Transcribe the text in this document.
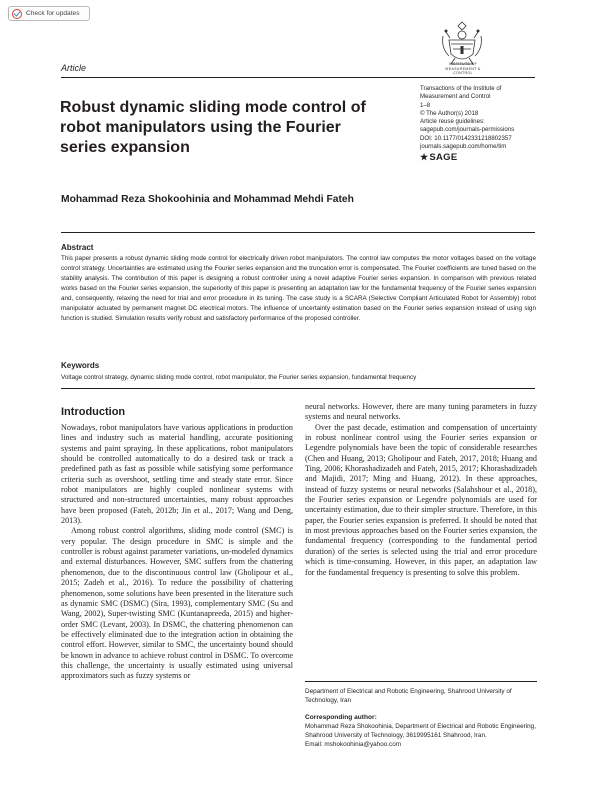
Check for updates
INSTITUTE OF
MEASUREMENT &
CONTROL
Article
Robust dynamic sliding mode control of robot manipulators using the Fourier series expansion
Transactions of the Institute of Measurement and Control
1–8
© The Author(s) 2018
Article reuse guidelines:
sagepub.com/journals-permissions
DOI: 10.1177/0142331218802357
journals.sagepub.com/home/tim
★ SAGE
Mohammad Reza Shokoohinia and Mohammad Mehdi Fateh
Abstract

This paper presents a robust dynamic sliding mode control for electrically driven robot manipulators. The control law computes the motor voltages based on the voltage control strategy. Uncertainties are estimated using the Fourier series expansion and the truncation error is compensated. The Fourier coefficients are tuned based on the stability analysis. The contribution of this paper is designing a robust controller using a novel adaptive Fourier series expansion. In comparison with previous related works based on the Fourier series expansion, the superiority of this paper is presenting an adaptation law for the fundamental frequency of the Fourier series expansion and, consequently, relaxing the need for trial and error procedure in its tuning. The case study is a SCARA (Selective Compliant Articulated Robot for Assembly) robot manipulator actuated by permanent magnet DC electrical motors. The influence of uncertainty estimation based on the Fourier series expansion instead of using sign function is studied. Simulation results verify robust and satisfactory performance of the proposed controller.

Keywords

Voltage control strategy, dynamic sliding mode control, robot manipulator, the Fourier series expansion, fundamental frequency

Introduction

Nowadays, robot manipulators have various applications in production lines and industry such as material handling, accurate positioning systems and paint spraying. In these applications, robot manipulators should be controlled automatically to do a desired task or track a predefined path as fast as possible while satisfying some performance criteria such as overshoot, settling time and steady state error. Since robot manipulators are highly coupled nonlinear systems with structured and non-structured uncertainties, many robust approaches have been proposed (Fateh, 2012b; Jin et al., 2017; Wang and Deng, 2013).

Among robust control algorithms, sliding mode control (SMC) is very popular. The design procedure in SMC is simple and the controller is robust against parameter variations, un-modeled dynamics and external disturbances. However, SMC suffers from the chattering phenomenon, due to the discontinuous control law (Gholipour et al., 2015; Zadeh et al., 2016). To reduce the possibility of chattering phenomenon, some solutions have been presented in the literature such as dynamic SMC (DSMC) (Sira, 1993), complementary SMC (Su and Wang, 2002), Super-twisting SMC (Kuntanapreeda, 2015) and higher-order SMC (Levant, 2003). In DSMC, the chattering phenomenon can be effectively eliminated due to the integration action in obtaining the control effort. However, similar to SMC, the uncertainty bound should be known in advance to achieve robust control in DSMC. To overcome this challenge, the uncertainty is usually estimated using universal approximators such as fuzzy systems or

neural networks. However, there are many tuning parameters in fuzzy systems and neural networks.

Over the past decade, estimation and compensation of uncertainty in robust nonlinear control using the Fourier series expansion or Legendre polynomials have been the topic of considerable researches (Chen and Huang, 2013; Gholipour and Fateh, 2017, 2018; Huang and Ting, 2006; Khorashadizadeh and Fateh, 2015, 2017; Khorashadizadeh and Majidi, 2017; Ming and Huang, 2012). In these approaches, instead of fuzzy systems or neural networks (Salahshour et al., 2018), the Fourier series expansion or Legendre polynomials are used for uncertainty estimation, due to their simpler structure. Therefore, in this paper, the Fourier series expansion is preferred. It should be noted that in most previous approaches based on the Fourier series expansion, the fundamental frequency (corresponding to the fundamental period duration) of the series is selected using the trial and error procedure which is time-consuming. However, in this paper, an adaptation law for the fundamental frequency is presenting to solve this problem.

Department of Electrical and Robotic Engineering, Shahrood University of Technology, Iran
Corresponding author:
Mohammad Reza Shokoohinia, Department of Electrical and Robotic Engineering, Shahrood University of Technology, 3619995161 Shahrood, Iran.
Email: mshokoohinia@yahoo.com
